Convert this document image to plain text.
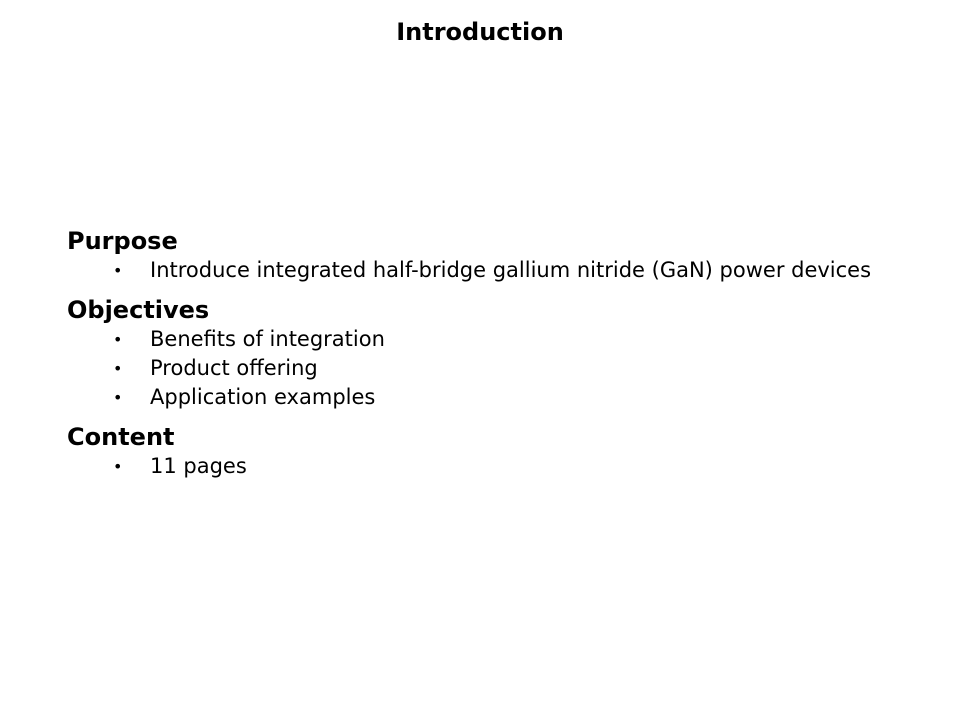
Introduction
Purpose
• Introduce integrated half-bridge gallium nitride (GaN) power devices
Objectives
• Benefits of integration
• Product offering
• Application examples
Content
• 11 pages
